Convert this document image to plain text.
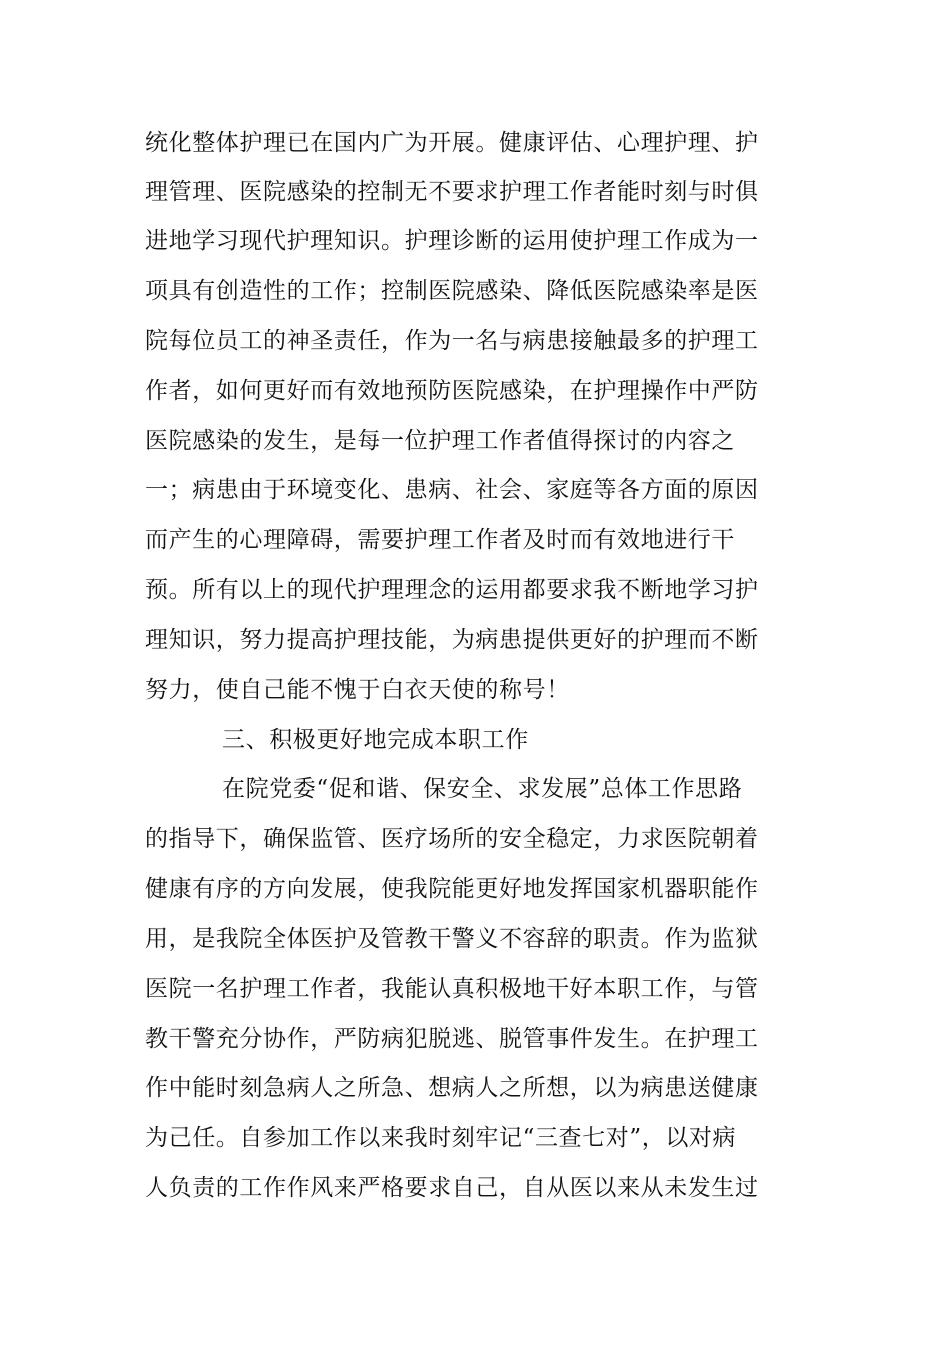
统化整体护理已在国内广为开展。健康评估、心理护理、护
理管理、医院感染的控制无不要求护理工作者能时刻与时俱
进地学习现代护理知识。护理诊断的运用使护理工作成为一
项具有创造性的工作；控制医院感染、降低医院感染率是医
院每位员工的神圣责任，作为一名与病患接触最多的护理工
作者，如何更好而有效地预防医院感染，在护理操作中严防
医院感染的发生，是每一位护理工作者值得探讨的内容之
一；病患由于环境变化、患病、社会、家庭等各方面的原因
而产生的心理障碍，需要护理工作者及时而有效地进行干
预。所有以上的现代护理理念的运用都要求我不断地学习护
理知识，努力提高护理技能，为病患提供更好的护理而不断
努力，使自己能不愧于白衣天使的称号！
三、积极更好地完成本职工作
在院党委“促和谐、保安全、求发展”总体工作思路
的指导下，确保监管、医疗场所的安全稳定，力求医院朝着
健康有序的方向发展，使我院能更好地发挥国家机器职能作
用，是我院全体医护及管教干警义不容辞的职责。作为监狱
医院一名护理工作者，我能认真积极地干好本职工作，与管
教干警充分协作，严防病犯脱逃、脱管事件发生。在护理工
作中能时刻急病人之所急、想病人之所想，以为病患送健康
为己任。自参加工作以来我时刻牢记“三查七对”，以对病
人负责的工作作风来严格要求自己，自从医以来从未发生过
